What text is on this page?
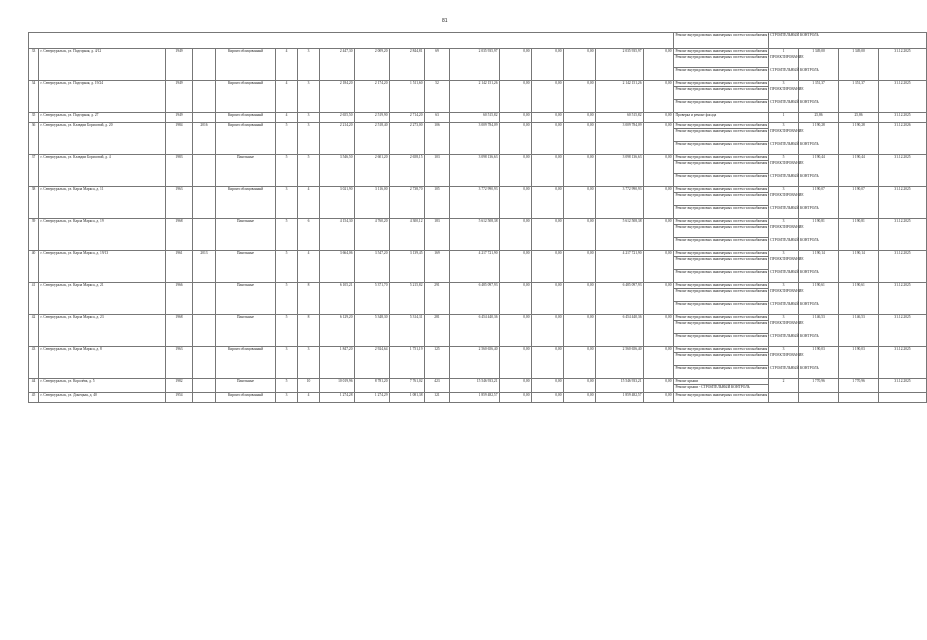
81
																	Ремонт внутридомовых инженерных систем газоснабжения - СТРОИТЕЛЬНЫЙ КОНТРОЛЬ				
33	г. Североуральск, ул. Подгорная, д. 4/12	1949		Кирпич облицованный	4	3	2 447,30	2 009,20	2 844,81	69	2 035 935,97	0,00	0,00	0,00	2 035 935,97	0,00	Ремонт внутридомовых инженерных систем газоснабжения	1	1 349,00	1 349,00	31.12.2025
																	Ремонт внутридомовых инженерных систем газоснабжения - ПРОЕКТИРОВАНИЕ				
																	Ремонт внутридомовых инженерных систем газоснабжения - СТРОИТЕЛЬНЫЙ КОНТРОЛЬ				
34	г. Североуральск, ул. Подгорная, д. 19/24	1949		Кирпич облицованный	4	3	2 184,20	2 174,20	1 511,60	52	2 142 151,26	0,00	0,00	0,00	2 142 151,26	0,00	Ремонт внутридомовых инженерных систем газоснабжения	3	1 351,37	1 351,37	31.12.2025
																	Ремонт внутридомовых инженерных систем газоснабжения - ПРОЕКТИРОВАНИЕ				
																	Ремонт внутридомовых инженерных систем газоснабжения - СТРОИТЕЛЬНЫЙ КОНТРОЛЬ				
35	г. Североуральск, ул. Подгорная, д. 27	1949		Кирпич облицованный	4	3	2 655,50	2 519,90	2 714,20	63	60 515,82	0,00	0,00	0,00	60 515,82	0,00	Проверка и ремонт фасада	1	25,86	25,86	31.12.2025
36	г. Североуральск, ул. Клавдии Борисовой, д. 20	1984	2016	Кирпич облицованный	5	3	2 214,20	2 518,40	2 273,00	106	3 009 784,09	0,00	0,00	0,00	3 009 784,09	0,00	Ремонт внутридомовых инженерных систем газоснабжения	3	1 190,28	1 190,28	31.12.2026
																	Ремонт внутридомовых инженерных систем газоснабжения - ПРОЕКТИРОВАНИЕ				
																	Ремонт внутридомовых инженерных систем газоснабжения - СТРОИТЕЛЬНЫЙ КОНТРОЛЬ				
37	г. Североуральск, ул. Клавдии Борисовой, д. 4	1983		Панельные	5	5	3 546,50	2 601,20	2 658,15	103	3 098 136,63	0,00	0,00	0,00	3 098 136,63	0,00	Ремонт внутридомовых инженерных систем газоснабжения	5	1 190,44	1 190,44	31.12.2025
																	Ремонт внутридомовых инженерных систем газоснабжения - ПРОЕКТИРОВАНИЕ				
																	Ремонт внутридомовых инженерных систем газоснабжения - СТРОИТЕЛЬНЫЙ КОНТРОЛЬ				
38	г. Североуральск, ул. Карла Маркса, д. 11	1963		Кирпич облицованный	3	4	3 021,90	3 116,00	2 738,70	105	3 772 990,93	0,00	0,00	0,00	3 772 990,93	0,00	Ремонт внутридомовых инженерных систем газоснабжения	3	1 190,07	1 190,07	31.12.2025
																	Ремонт внутридомовых инженерных систем газоснабжения - ПРОЕКТИРОВАНИЕ				
																	Ремонт внутридомовых инженерных систем газоснабжения - СТРОИТЕЛЬНЫЙ КОНТРОЛЬ				
39	г. Североуральск, ул. Карла Маркса, д. 19	1968		Панельные	5	6	4 154,30	4 760,20	4 300,12	183	5 612 508,38	0,00	0,00	0,00	5 612 508,38	0,00	Ремонт внутридомовых инженерных систем газоснабжения	3	1 190,81	1 190,81	31.12.2025
																	Ремонт внутридомовых инженерных систем газоснабжения - ПРОЕКТИРОВАНИЕ				
																	Ремонт внутридомовых инженерных систем газоснабжения - СТРОИТЕЛЬНЫЙ КОНТРОЛЬ				
40	г. Североуральск, ул. Карла Маркса, д. 19/13	1961	2013	Панельные	5	4	3 664,06	3 547,20	3 139,45	169	4 217 721,90	0,00	0,00	0,00	4 217 721,90	0,00	Ремонт внутридомовых инженерных систем газоснабжения	3	1 190,14	1 190,14	31.12.2025
																	Ремонт внутридомовых инженерных систем газоснабжения - ПРОЕКТИРОВАНИЕ				
																	Ремонт внутридомовых инженерных систем газоснабжения - СТРОИТЕЛЬНЫЙ КОНТРОЛЬ				
41	г. Североуральск, ул. Карла Маркса, д. 21	1966		Панельные	5	8	6 105,21	5 371,70	5 215,82	291	6 485 097,93	0,00	0,00	0,00	6 485 097,93	0,00	Ремонт внутридомовых инженерных систем газоснабжения	3	1 190,61	1 190,61	31.12.2025
																	Ремонт внутридомовых инженерных систем газоснабжения - ПРОЕКТИРОВАНИЕ				
																	Ремонт внутридомовых инженерных систем газоснабжения - СТРОИТЕЛЬНЫЙ КОНТРОЛЬ				
42	г. Североуральск, ул. Карла Маркса, д. 23	1968		Панельные	5	8	6 129,20	5 348,30	5 314,31	281	6 454 440,36	0,00	0,00	0,00	6 454 440,36	0,00	Ремонт внутридомовых инженерных систем газоснабжения	3	1 146,53	1 146,53	31.12.2025
																	Ремонт внутридомовых инженерных систем газоснабжения - ПРОЕКТИРОВАНИЕ				
																	Ремонт внутридомовых инженерных систем газоснабжения - СТРОИТЕЛЬНЫЙ КОНТРОЛЬ				
43	г. Североуральск, ул. Карла Маркса, д. 8	1963		Кирпич облицованный	3	3	1 847,20	2 924,64	1 751,19	125	2 560 656,40	0,00	0,00	0,00	2 560 656,40	0,00	Ремонт внутридомовых инженерных систем газоснабжения	3	1 190,03	1 190,03	31.12.2025
																	Ремонт внутридомовых инженерных систем газоснабжения - ПРОЕКТИРОВАНИЕ				
																	Ремонт внутридомовых инженерных систем газоснабжения - СТРОИТЕЛЬНЫЙ КОНТРОЛЬ				
44	г. Североуральск, ул. Королёва, д. 5	1982		Панельные	5	10	10 019,96	8 781,20	7 761,02	423	15 546 933,21	0,00	0,00	0,00	15 546 933,21	0,00	Ремонт крыши	2	1 770,96	1 770,96	31.12.2025
																	Ремонт крыши - СТРОИТЕЛЬНЫЙ КОНТРОЛЬ				
45	г. Североуральск, ул. Донецкая, д. 40	1954		Кирпич облицованный	3	4	1 274,28	1 274,29	1 081,38	121	1 859 482,57	0,00	0,00	0,00	1 859 482,57	0,00	Ремонт внутридомовых инженерных систем газоснабжения				
